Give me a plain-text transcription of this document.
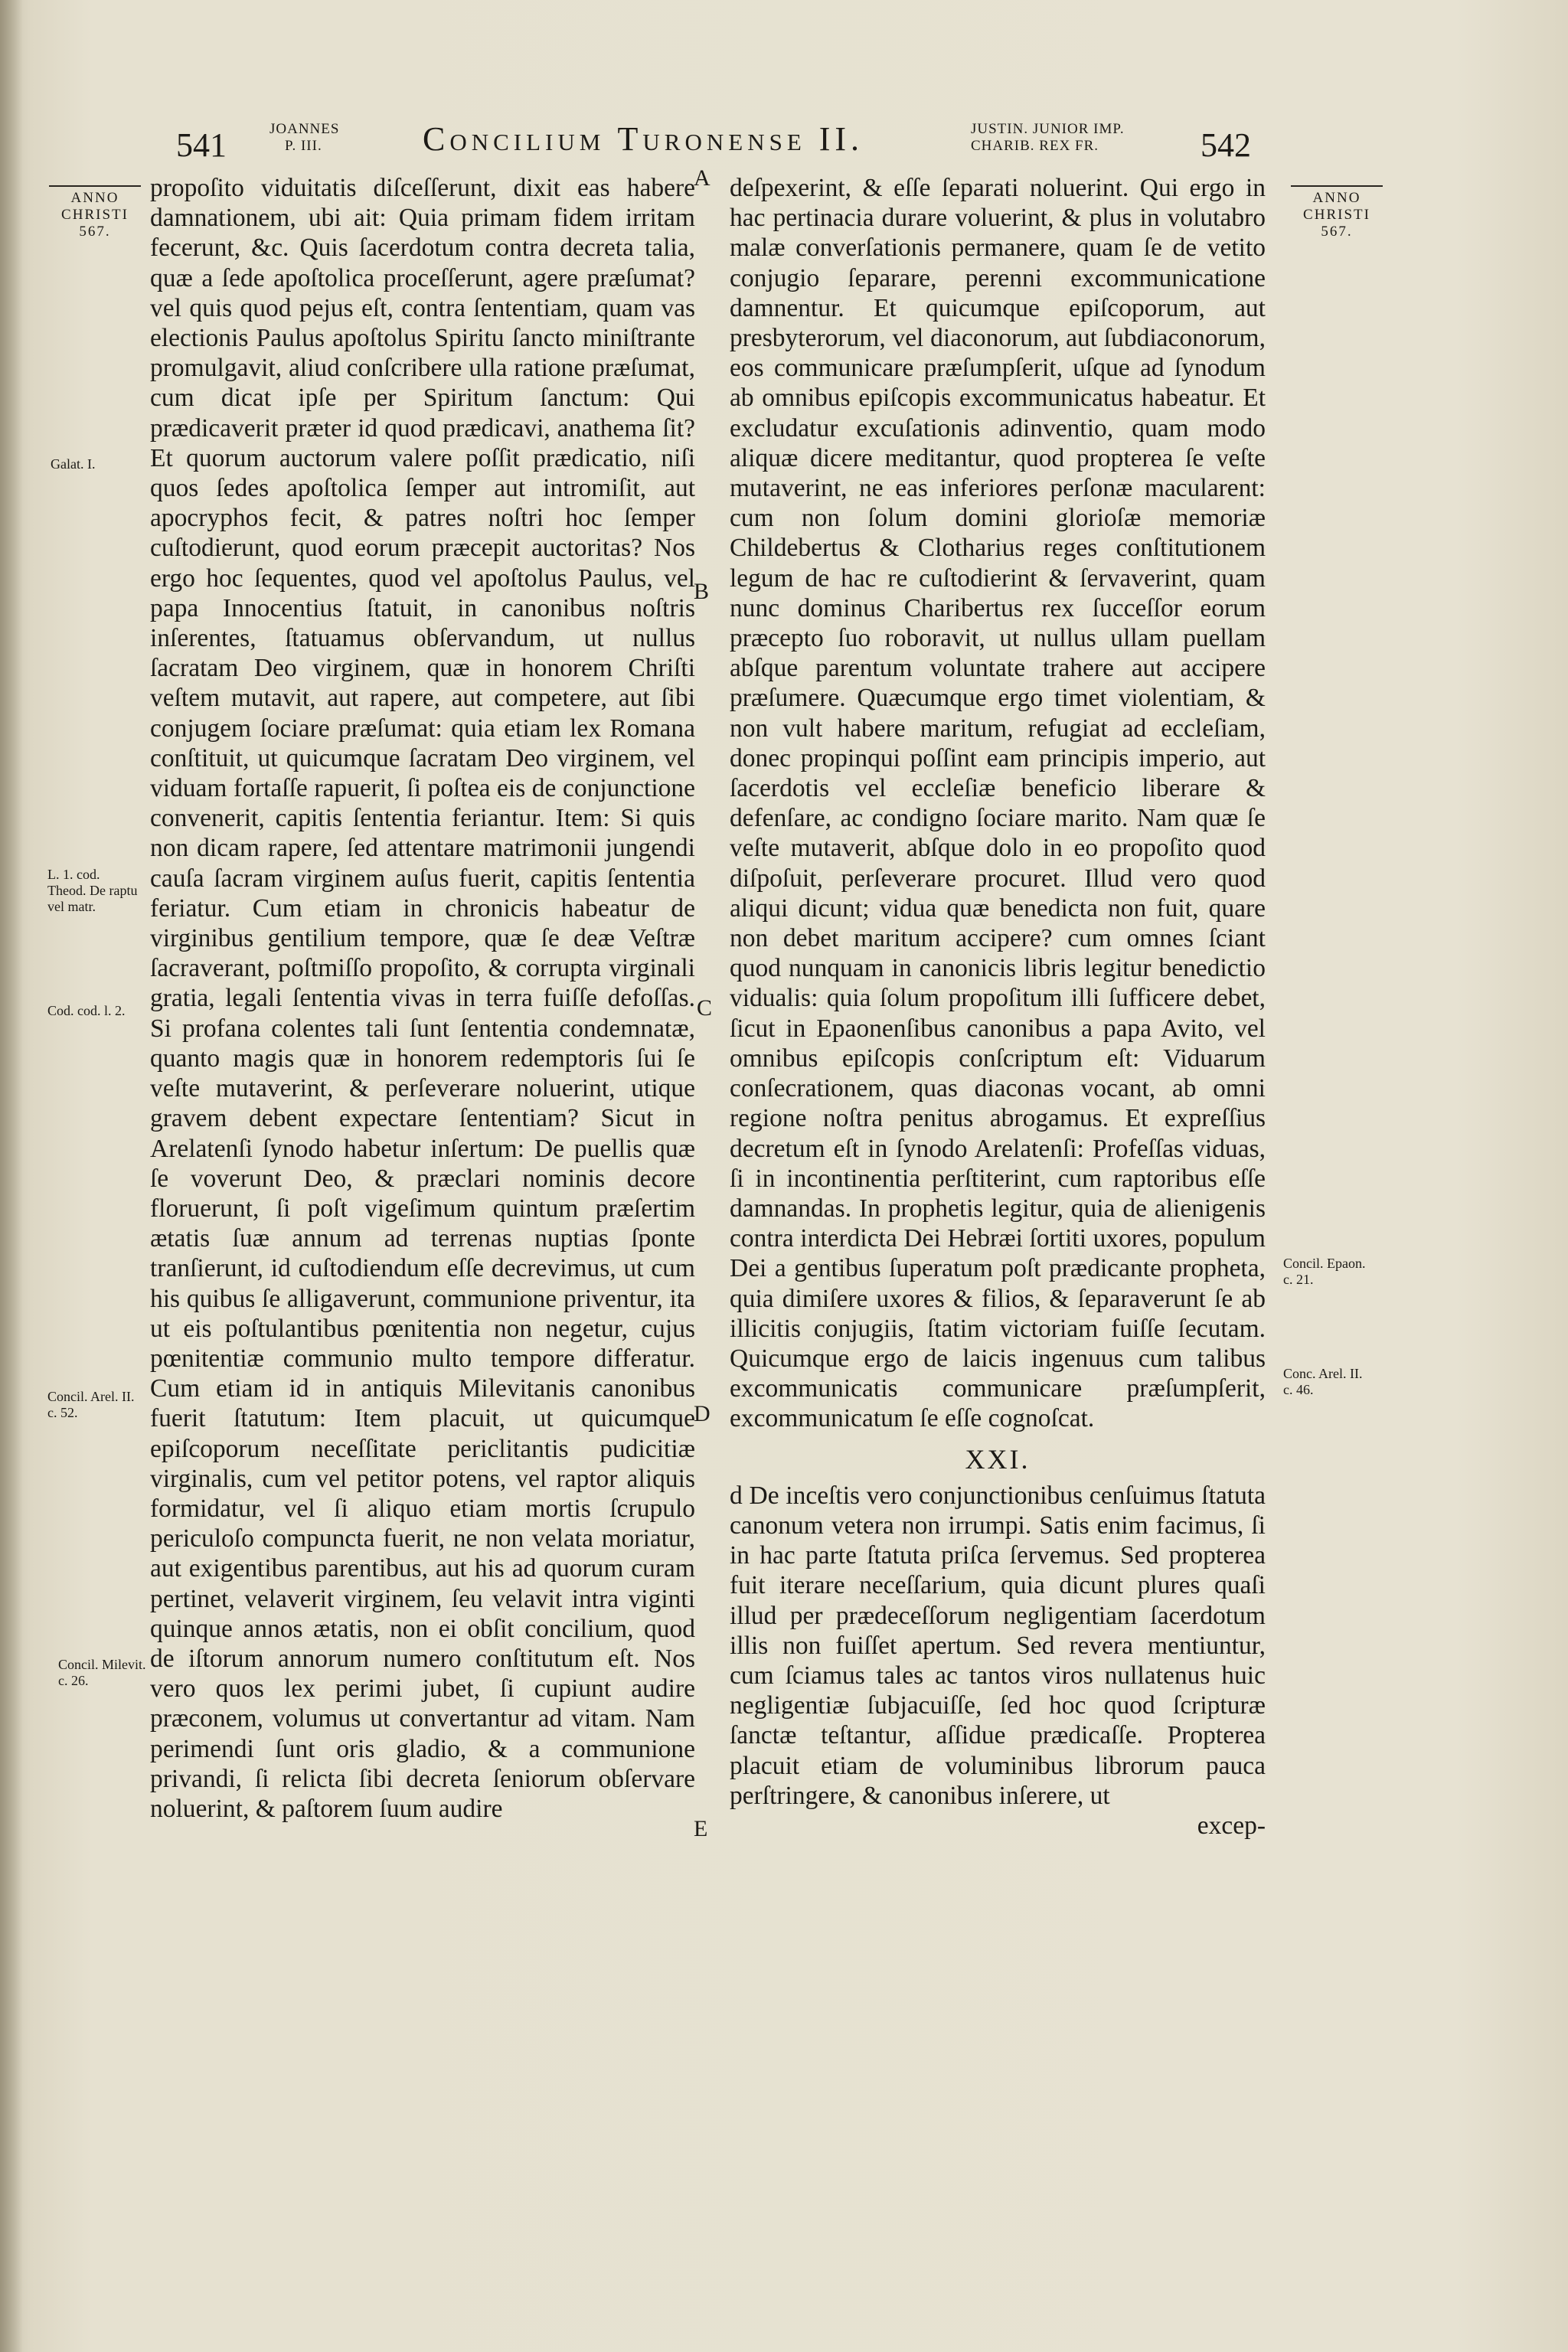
541	JOANNES
P. III.	Concilium Turonense II.	JUSTIN. JUNIOR IMP.
CHARIB. REX FR.	542
ANNO
CHRISTI
567.
ANNO
CHRISTI
567.
Galat. I.
L. 1. cod. Theod. De raptu vel matr.
Cod. cod. l. 2.
Concil. Arel. II. c. 52.
Concil. Milevit. c. 26.
Concil. Epaon. c. 21.
Conc. Arel. II. c. 46.
A
B
C
D
E

propoſito viduitatis diſceſſerunt, dixit eas habere damnationem, ubi ait: Quia primam fidem irritam fecerunt, &c. Quis ſacerdotum contra decreta talia, quæ a ſede apoſtolica proceſſerunt, agere præſumat? vel quis quod pejus eſt, contra ſententiam, quam vas electionis Paulus apoſtolus Spiritu ſancto miniſtrante promulgavit, aliud conſcribere ulla ratione præſumat, cum dicat ipſe per Spiritum ſanctum: Qui prædicaverit præter id quod prædicavi, anathema ſit? Et quorum auctorum valere poſſit prædicatio, niſi quos ſedes apoſtolica ſemper aut intromiſit, aut apocryphos fecit, & patres noſtri hoc ſemper cuſtodierunt, quod eorum præcepit auctoritas? Nos ergo hoc ſequentes, quod vel apoſtolus Paulus, vel papa Innocentius ſtatuit, in canonibus noſtris inſerentes, ſtatuamus obſervandum, ut nullus ſacratam Deo virginem, quæ in honorem Chriſti veſtem mutavit, aut rapere, aut competere, aut ſibi conjugem ſociare præſumat: quia etiam lex Romana conſtituit, ut quicumque ſacratam Deo virginem, vel viduam fortaſſe rapuerit, ſi poſtea eis de conjunctione convenerit, capitis ſententia feriantur. Item: Si quis non dicam rapere, ſed attentare matrimonii jungendi cauſa ſacram virginem auſus fuerit, capitis ſententia feriatur. Cum etiam in chronicis habeatur de virginibus gentilium tempore, quæ ſe deæ Veſtræ ſacraverant, poſtmiſſo propoſito, & corrupta virginali gratia, legali ſententia vivas in terra fuiſſe defoſſas. Si profana colentes tali ſunt ſententia condemnatæ, quanto magis quæ in honorem redemptoris ſui ſe veſte mutaverint, & perſeverare noluerint, utique gravem debent expectare ſententiam? Sicut in Arelatenſi ſynodo habetur inſertum: De puellis quæ ſe voverunt Deo, & præclari nominis decore floruerunt, ſi poſt vigeſimum quintum præſertim ætatis ſuæ annum ad terrenas nuptias ſponte tranſierunt, id cuſtodiendum eſſe decrevimus, ut cum his quibus ſe alligaverunt, communione priventur, ita ut eis poſtulantibus pœnitentia non negetur, cujus pœnitentiæ communio multo tempore differatur. Cum etiam id in antiquis Milevitanis canonibus fuerit ſtatutum: Item placuit, ut quicumque epiſcoporum neceſſitate periclitantis pudicitiæ virginalis, cum vel petitor potens, vel raptor aliquis formidatur, vel ſi aliquo etiam mortis ſcrupulo periculoſo compuncta fuerit, ne non velata moriatur, aut exigentibus parentibus, aut his ad quorum curam pertinet, velaverit virginem, ſeu velavit intra viginti quinque annos ætatis, non ei obſit concilium, quod de iſtorum annorum numero conſtitutum eſt. Nos vero quos lex perimi jubet, ſi cupiunt audire præconem, volumus ut convertantur ad vitam. Nam perimendi ſunt oris gladio, & a communione privandi, ſi relicta ſibi decreta ſeniorum obſervare noluerint, & paſtorem ſuum audire

deſpexerint, & eſſe ſeparati noluerint. Qui ergo in hac pertinacia durare voluerint, & plus in volutabro malæ converſationis permanere, quam ſe de vetito conjugio ſeparare, perenni excommunicatione damnentur. Et quicumque epiſcoporum, aut presbyterorum, vel diaconorum, aut ſubdiaconorum, eos communicare præſumpſerit, uſque ad ſynodum ab omnibus epiſcopis excommunicatus habeatur. Et excludatur excuſationis adinventio, quam modo aliquæ dicere meditantur, quod propterea ſe veſte mutaverint, ne eas inferiores perſonæ macularent: cum non ſolum domini glorioſæ memoriæ Childebertus & Clotharius reges conſtitutionem legum de hac re cuſtodierint & ſervaverint, quam nunc dominus Charibertus rex ſucceſſor eorum præcepto ſuo roboravit, ut nullus ullam puellam abſque parentum voluntate trahere aut accipere præſumere. Quæcumque ergo timet violentiam, & non vult habere maritum, refugiat ad eccleſiam, donec propinqui poſſint eam principis imperio, aut ſacerdotis vel eccleſiæ beneficio liberare & defenſare, ac condigno ſociare marito. Nam quæ ſe veſte mutaverit, abſque dolo in eo propoſito quod diſpoſuit, perſeverare procuret. Illud vero quod aliqui dicunt; vidua quæ benedicta non fuit, quare non debet maritum accipere? cum omnes ſciant quod nunquam in canonicis libris legitur benedictio vidualis: quia ſolum propoſitum illi ſufficere debet, ſicut in Epaonenſibus canonibus a papa Avito, vel omnibus epiſcopis conſcriptum eſt: Viduarum conſecrationem, quas diaconas vocant, ab omni regione noſtra penitus abrogamus. Et expreſſius decretum eſt in ſynodo Arelatenſi: Profeſſas viduas, ſi in incontinentia perſtiterint, cum raptoribus eſſe damnandas. In prophetis legitur, quia de alienigenis contra interdicta Dei Hebræi ſortiti uxores, populum Dei a gentibus ſuperatum poſt prædicante propheta, quia dimiſere uxores & filios, & ſeparaverunt ſe ab illicitis conjugiis, ſtatim victoriam fuiſſe ſecutam. Quicumque ergo de laicis ingenuus cum talibus excommunicatis communicare præſumpſerit, excommunicatum ſe eſſe cognoſcat.

XXI.

d De inceſtis vero conjunctionibus cenſuimus ſtatuta canonum vetera non irrumpi. Satis enim facimus, ſi in hac parte ſtatuta priſca ſervemus. Sed propterea fuit iterare neceſſarium, quia dicunt plures quaſi illud per prædeceſſorum negligentiam ſacerdotum illis non fuiſſet apertum. Sed revera mentiuntur, cum ſciamus tales ac tantos viros nullatenus huic negligentiæ ſubjacuiſſe, ſed hoc quod ſcripturæ ſanctæ teſtantur, aſſidue prædicaſſe. Propterea placuit etiam de voluminibus librorum pauca perſtringere, & canonibus inſerere, ut

excep-
